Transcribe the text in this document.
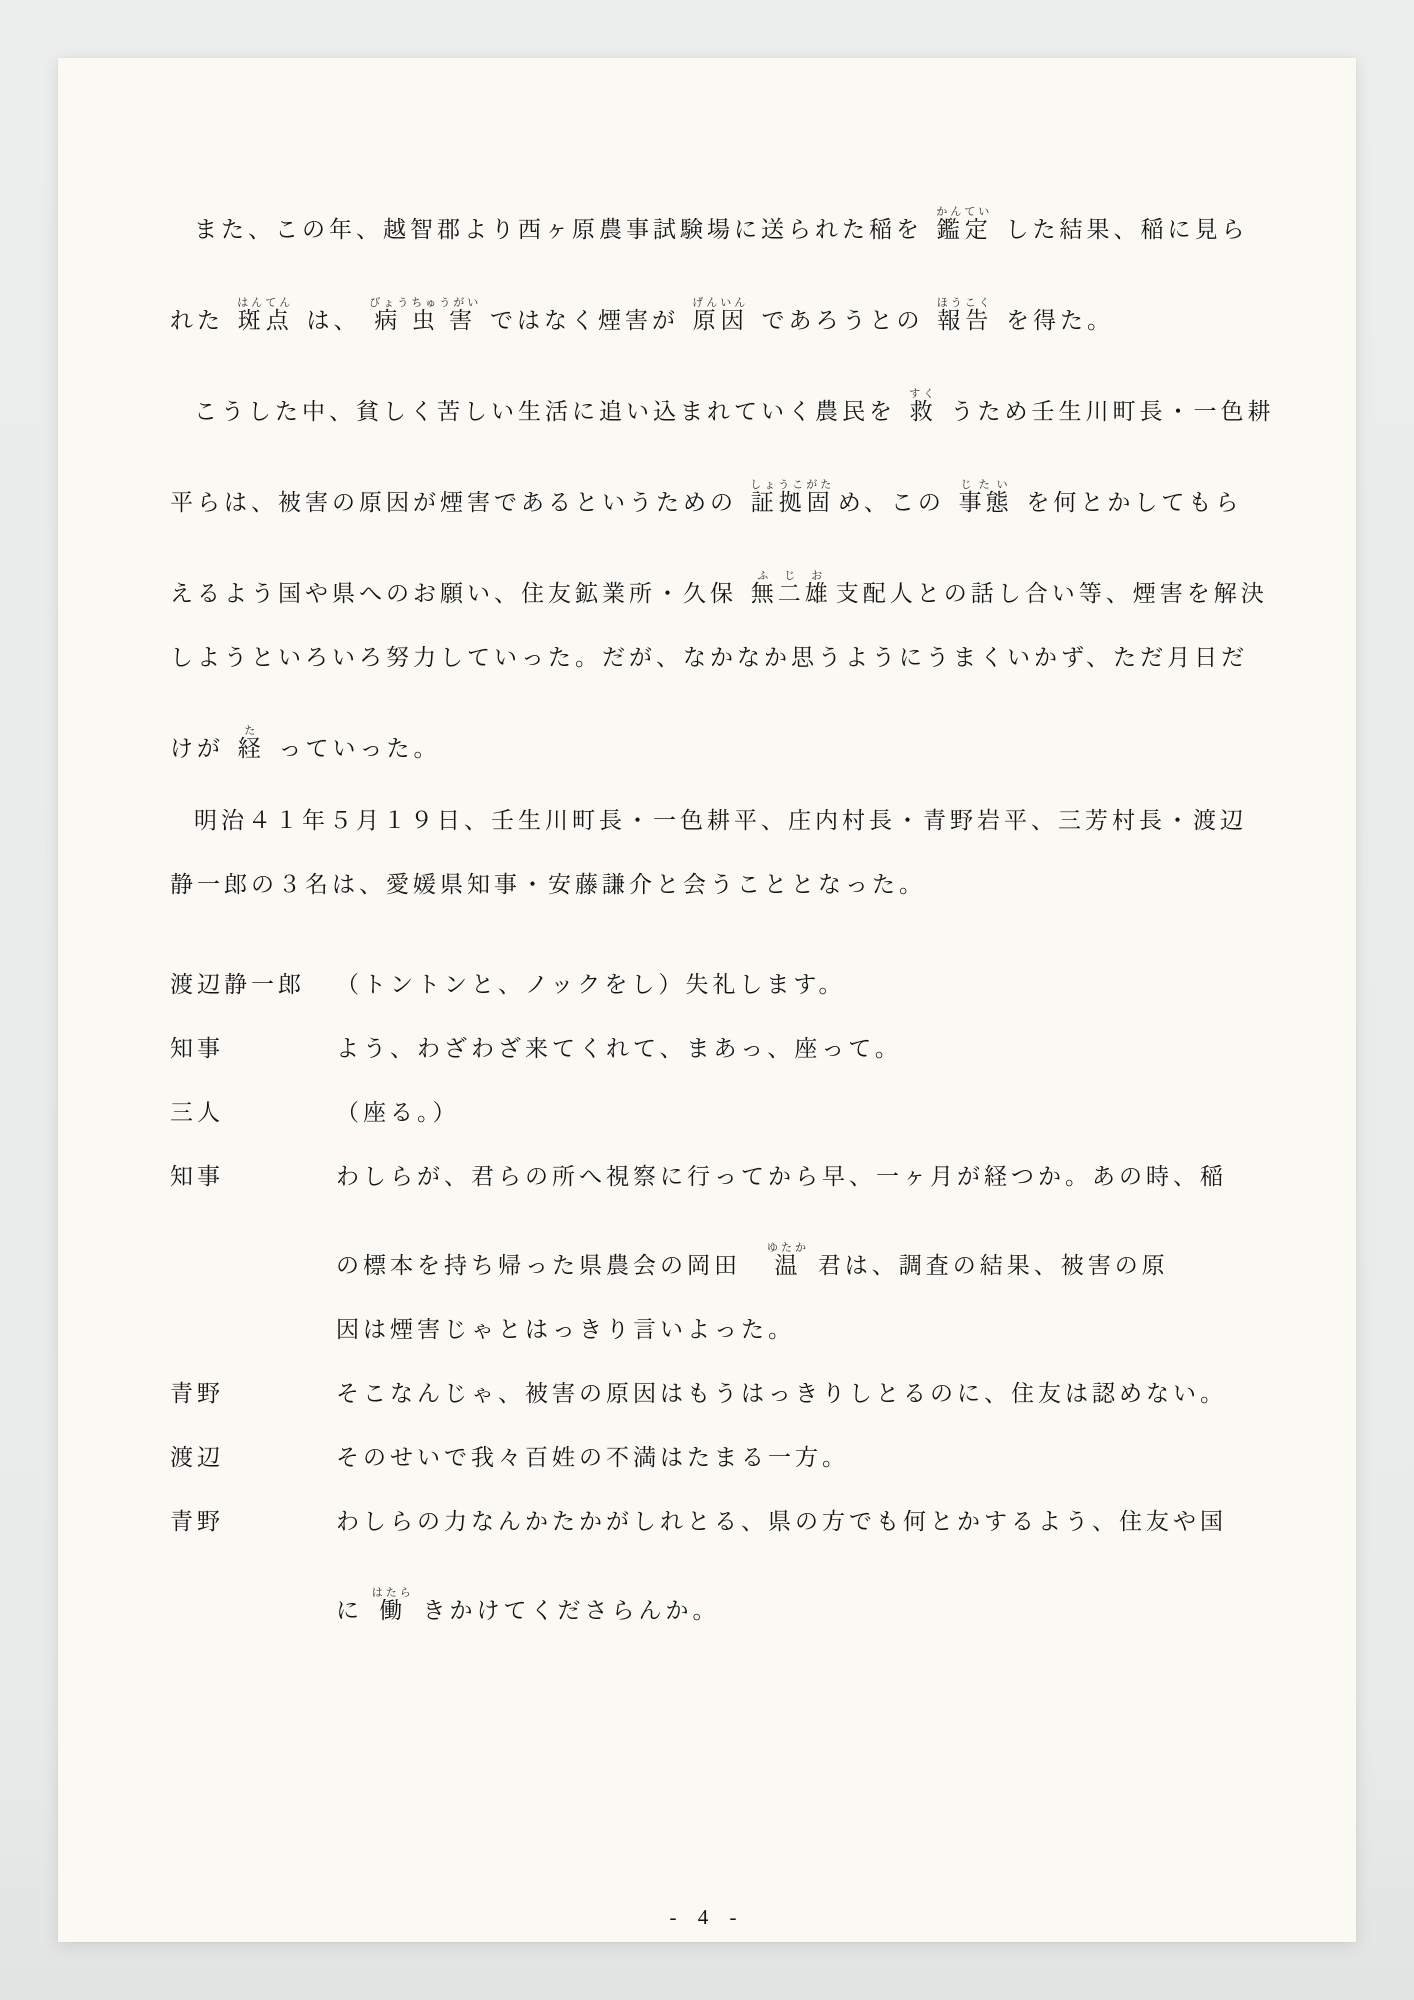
また、この年、越智郡より西ヶ原農事試験場に送られた稲を 鑑定かんてい した結果、稲に見ら
れた 斑点はんてん は、 病虫害びょうちゅうがい ではなく煙害が 原因げんいん であろうとの 報告ほうこく を得た。
こうした中、貧しく苦しい生活に追い込まれていく農民を 救すく うため壬生川町長・一色耕
平らは、被害の原因が煙害であるというための 証拠固しょうこがため、この 事態じたい を何とかしてもら
えるよう国や県へのお願い、住友鉱業所・久保 無二雄ふじお支配人との話し合い等、煙害を解決
しようといろいろ努力していった。だが、なかなか思うようにうまくいかず、ただ月日だ
けが 経た っていった。
明治４１年５月１９日、壬生川町長・一色耕平、庄内村長・青野岩平、三芳村長・渡辺
静一郎の３名は、愛媛県知事・安藤謙介と会うこととなった。
渡辺静一郎	（トントンと、ノックをし）失礼します。
知事	よう、わざわざ来てくれて、まあっ、座って。
三人	（座る。）
知事	わしらが、君らの所へ視察に行ってから早、一ヶ月が経つか。あの時、稲
の標本を持ち帰った県農会の岡田　温ゆたか 君は、調査の結果、被害の原
因は煙害じゃとはっきり言いよった。
青野	そこなんじゃ、被害の原因はもうはっきりしとるのに、住友は認めない。
渡辺	そのせいで我々百姓の不満はたまる一方。
青野	わしらの力なんかたかがしれとる、県の方でも何とかするよう、住友や国
に 働はたら きかけてくださらんか。
- 4 -
